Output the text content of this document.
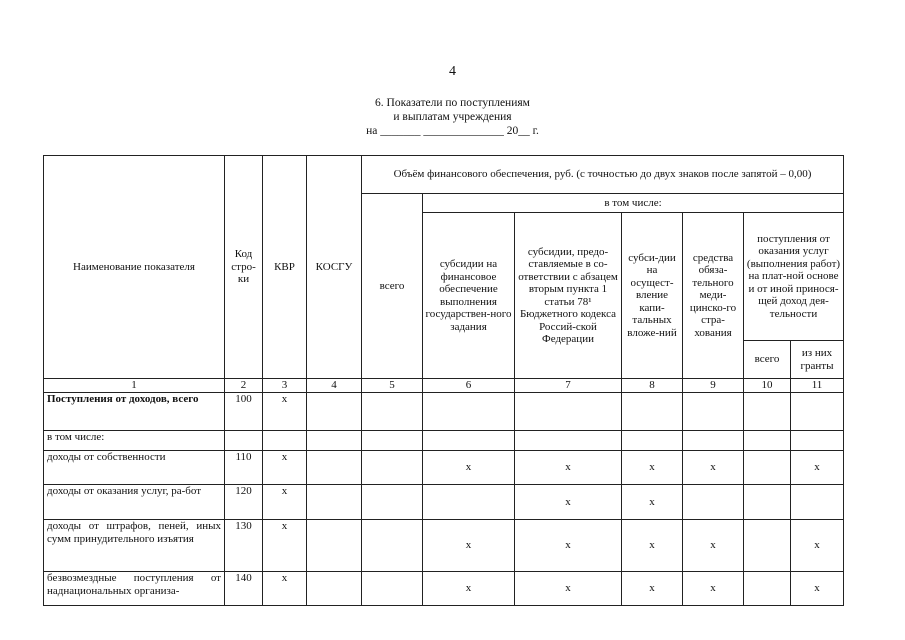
4
6. Показатели по поступлениям
и выплатам учреждения
на _______ ______________ 20__ г.
Наименование показателя	Код стро-ки	КВР	КОСГУ	Объём финансового обеспечения, руб. (с точностью до двух знаков после запятой – 0,00)						
				всего	в том числе:					
					субсидии на финансовое обеспечение выполнения государствен-ного задания	субсидии, предо-ставляемые в со-ответствии с абзацем вторым пункта 1 статьи 78¹ Бюджетного кодекса Россий-ской Федерации	субси-дии на осущест-вление капи-тальных вложе-ний	средства обяза-тельного меди-цинско-го стра-хования	поступления от оказания услуг (выполнения работ) на плат-ной основе и от иной принося-щей доход дея-тельности	
									всего	из них гранты
1	2	3	4	5	6	7	8	9	10	11
Поступления от доходов, всего	100	х								
в том числе:										
доходы от собственности	110	х			х	х	х	х		х
доходы от оказания услуг, ра-бот	120	х				х	х			
доходы от штрафов, пеней, иных сумм принудительного изъятия	130	х			х	х	х	х		х
безвозмездные поступления от наднациональных организа-	140	х			х	х	х	х		х
